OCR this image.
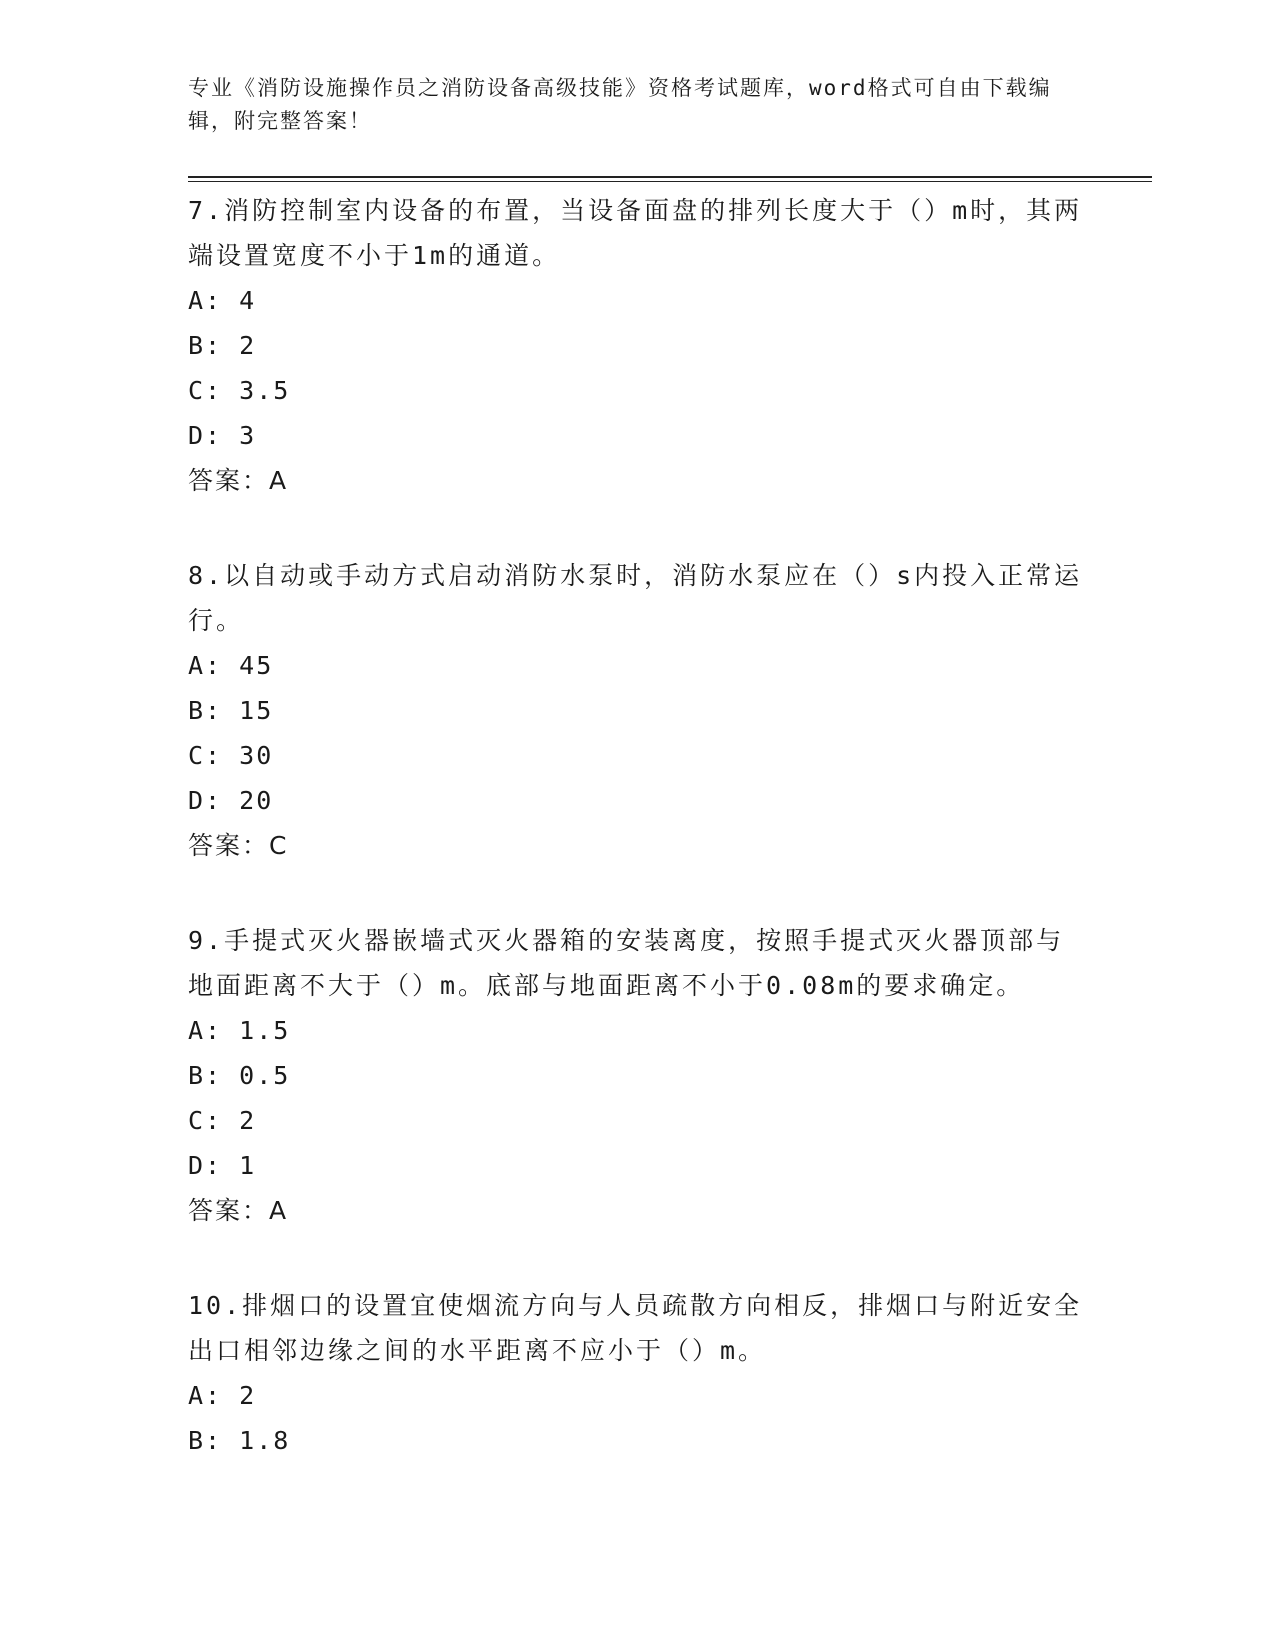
专业《消防设施操作员之消防设备高级技能》资格考试题库，word格式可自由下载编辑，附完整答案！

7.消防控制室内设备的布置，当设备面盘的排列长度大于（）m时，其两端设置宽度不小于1m的通道。

A: 4

B: 2

C: 3.5

D: 3

答案：A

8.以自动或手动方式启动消防水泵时，消防水泵应在（）s内投入正常运行。

A: 45

B: 15

C: 30

D: 20

答案：C

9.手提式灭火器嵌墙式灭火器箱的安装离度，按照手提式灭火器顶部与地面距离不大于（）m。底部与地面距离不小于0.08m的要求确定。

A: 1.5

B: 0.5

C: 2

D: 1

答案：A

10.排烟口的设置宜使烟流方向与人员疏散方向相反，排烟口与附近安全出口相邻边缘之间的水平距离不应小于（）m。

A: 2

B: 1.8
